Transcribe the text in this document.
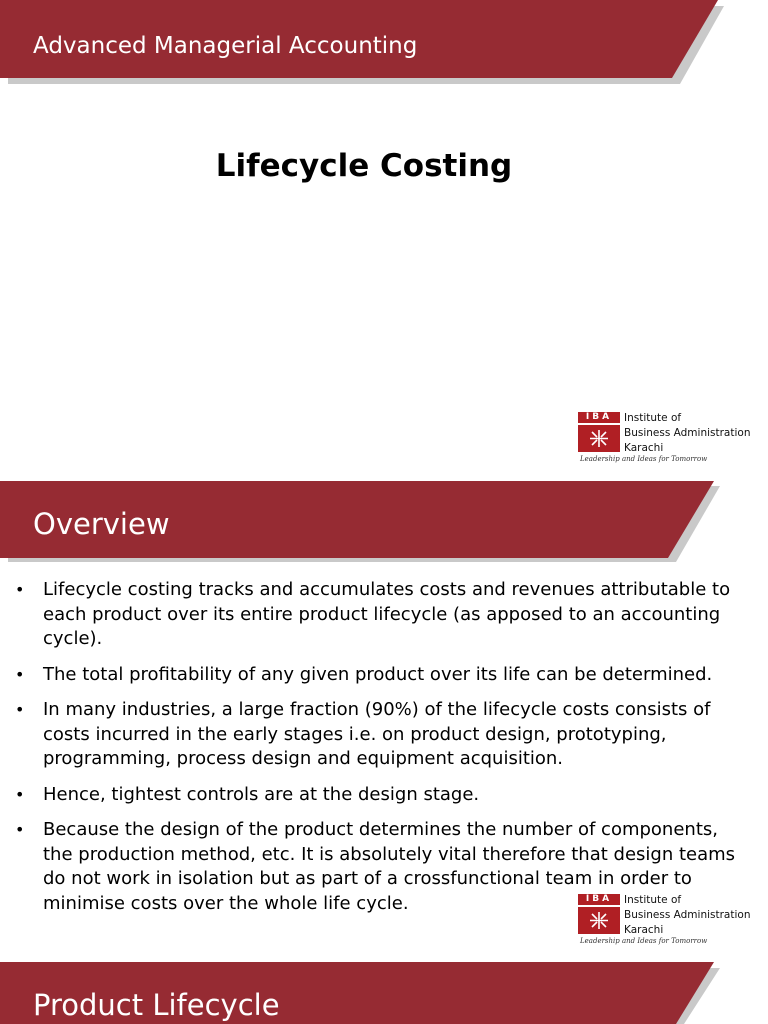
Advanced Managerial Accounting
Lifecycle Costing
IBA	Institute of
Business Administration
Karachi
Leadership and Ideas for Tomorrow
Overview
• Lifecycle costing tracks and accumulates costs and revenues attributable to each product over its entire product lifecycle (as apposed to an accounting cycle).
• The total profitability of any given product over its life can be determined.
• In many industries, a large fraction (90%) of the lifecycle costs consists of costs incurred in the early stages i.e. on product design, prototyping, programming, process design and equipment acquisition.
• Hence, tightest controls are at the design stage.
• Because the design of the product determines the number of components, the production method, etc. It is absolutely vital therefore that design teams do not work in isolation but as part of a crossfunctional team in order to minimise costs over the whole life cycle.	IBA	Institute of
Business Administration
Karachi
Leadership and Ideas for Tomorrow
Product Lifecycle
